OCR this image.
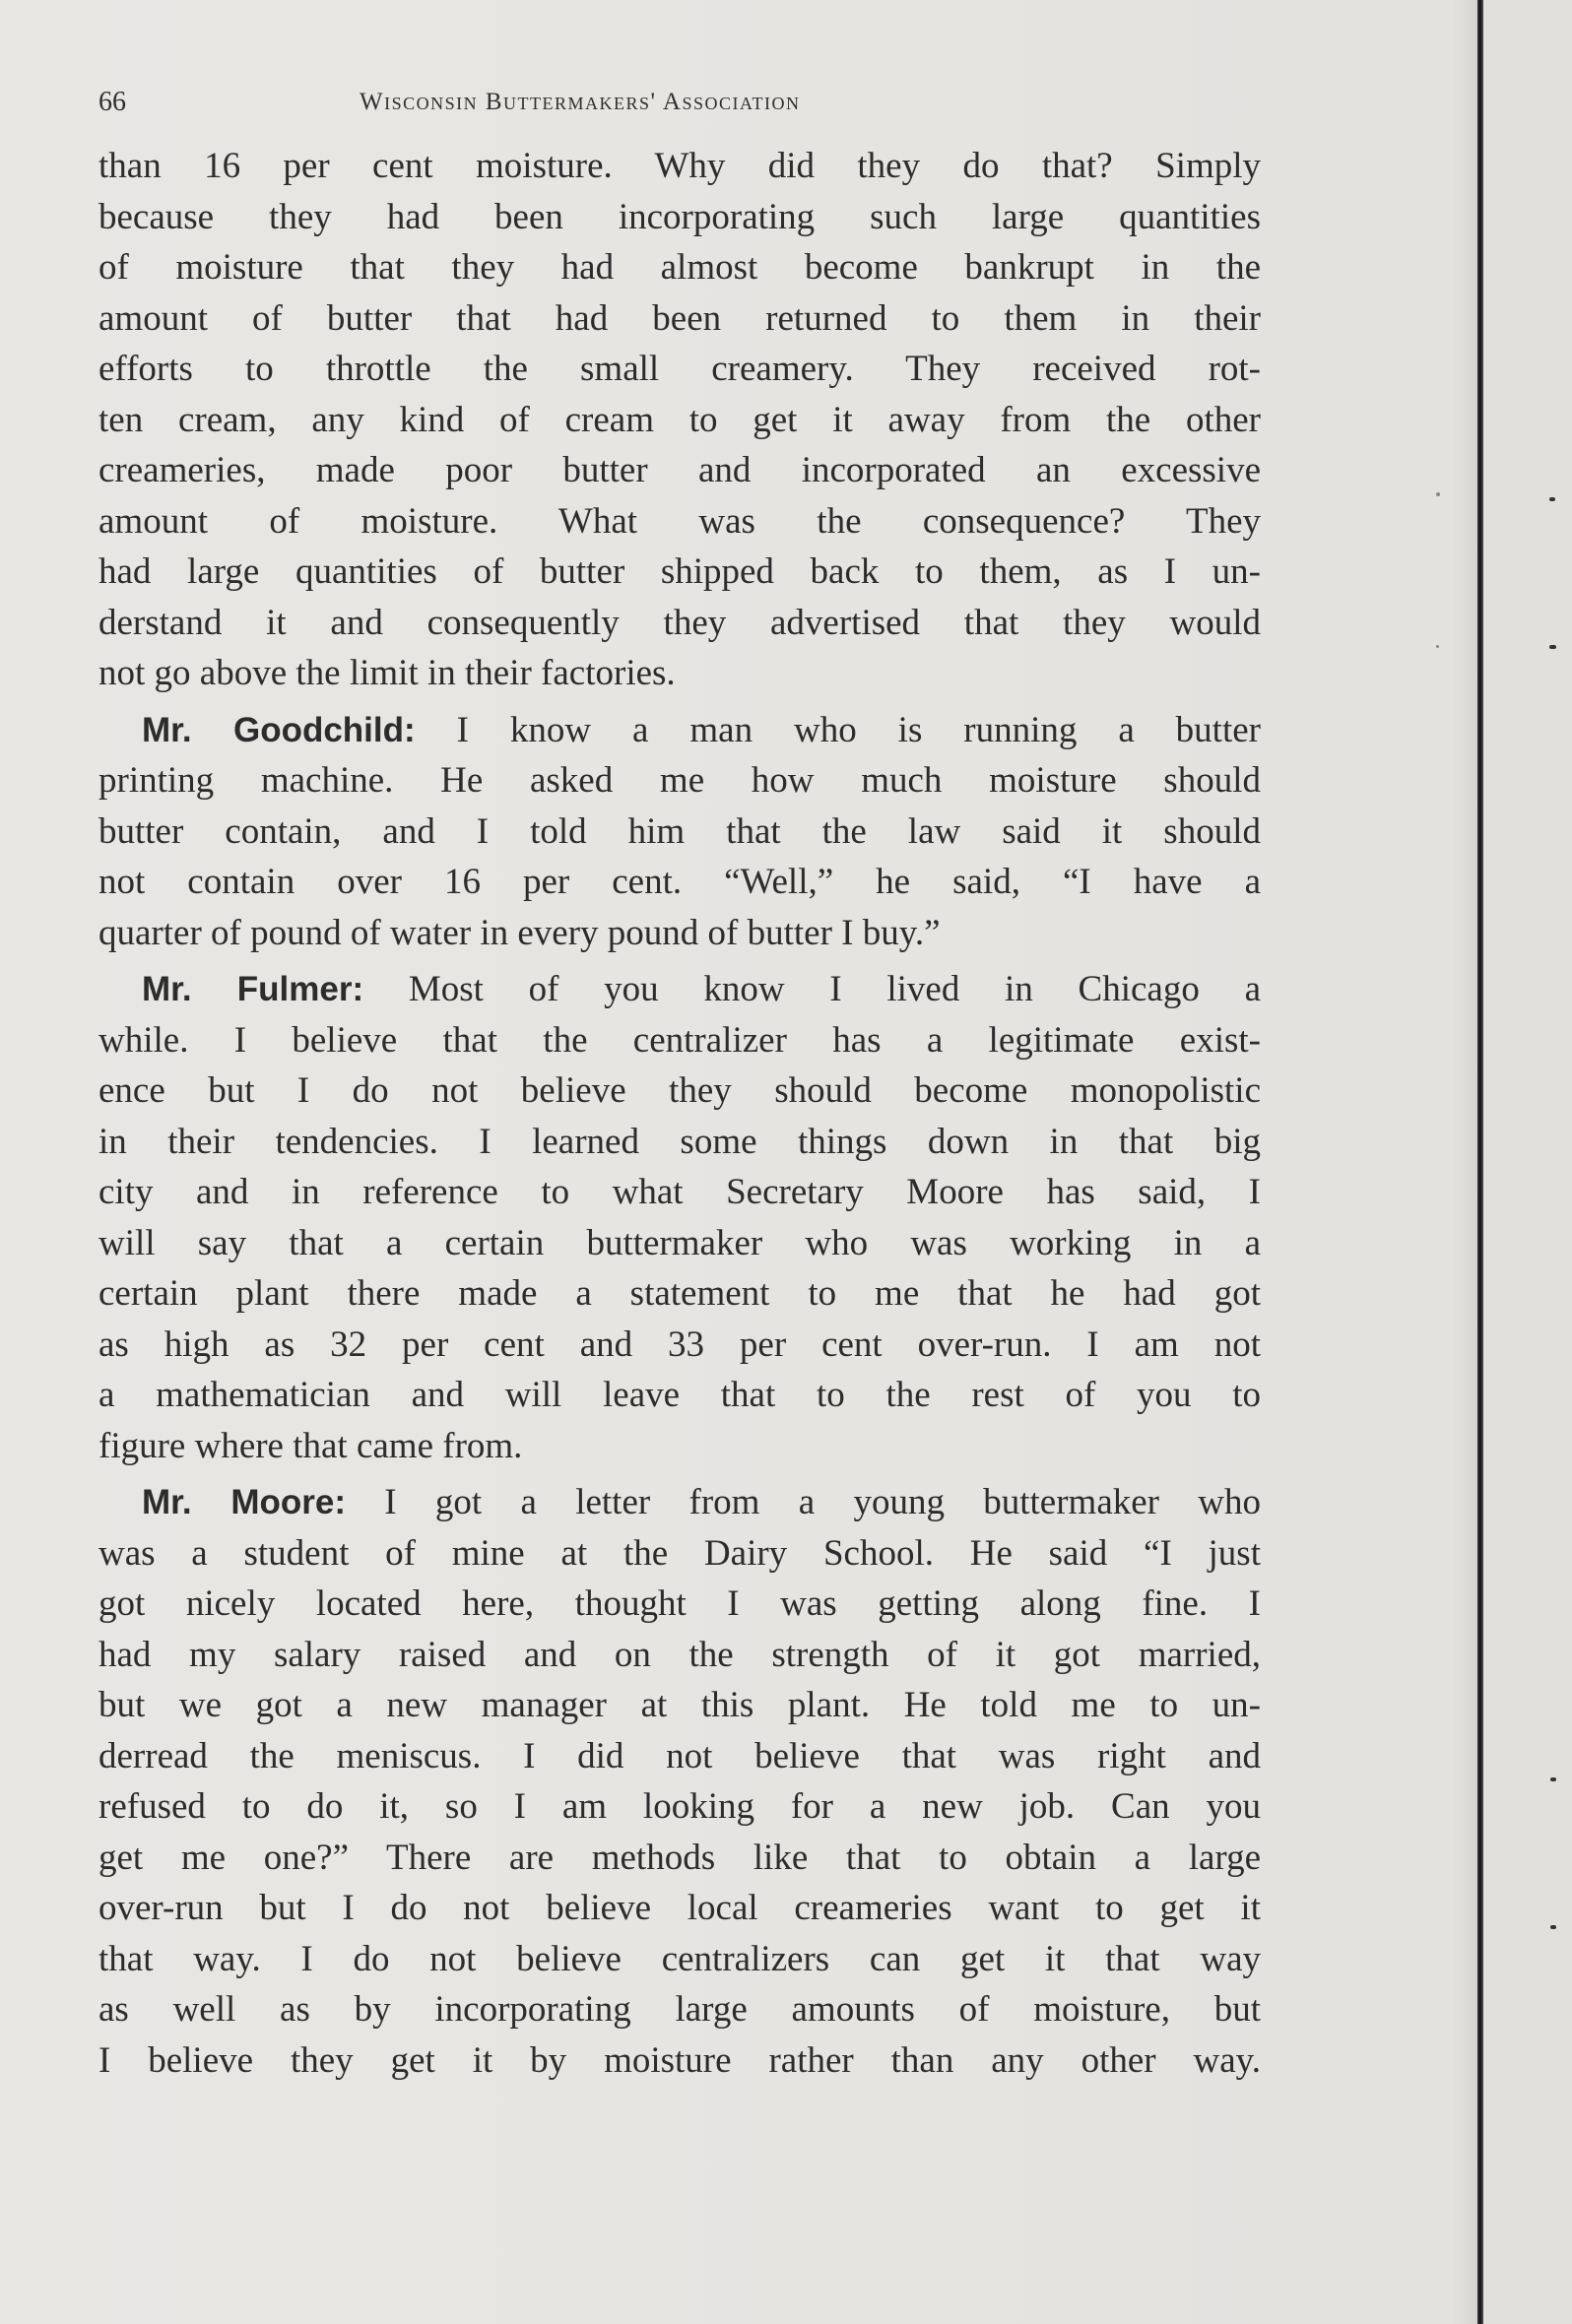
66	Wisconsin Buttermakers' Association
than 16 per cent moisture. Why did they do that? Simply
because they had been incorporating such large quantities
of moisture that they had almost become bankrupt in the
amount of butter that had been returned to them in their
efforts to throttle the small creamery. They received rot-
ten cream, any kind of cream to get it away from the other
creameries, made poor butter and incorporated an excessive
amount of moisture. What was the consequence? They
had large quantities of butter shipped back to them, as I un-
derstand it and consequently they advertised that they would
not go above the limit in their factories.
Mr. Goodchild: I know a man who is running a butter
printing machine. He asked me how much moisture should
butter contain, and I told him that the law said it should
not contain over 16 per cent. “Well,” he said, “I have a
quarter of pound of water in every pound of butter I buy.”
Mr. Fulmer: Most of you know I lived in Chicago a
while. I believe that the centralizer has a legitimate exist-
ence but I do not believe they should become monopolistic
in their tendencies. I learned some things down in that big
city and in reference to what Secretary Moore has said, I
will say that a certain buttermaker who was working in a
certain plant there made a statement to me that he had got
as high as 32 per cent and 33 per cent over-run. I am not
a mathematician and will leave that to the rest of you to
figure where that came from.
Mr. Moore: I got a letter from a young buttermaker who
was a student of mine at the Dairy School. He said “I just
got nicely located here, thought I was getting along fine. I
had my salary raised and on the strength of it got married,
but we got a new manager at this plant. He told me to un-
derread the meniscus. I did not believe that was right and
refused to do it, so I am looking for a new job. Can you
get me one?” There are methods like that to obtain a large
over-run but I do not believe local creameries want to get it
that way. I do not believe centralizers can get it that way
as well as by incorporating large amounts of moisture, but
I believe they get it by moisture rather than any other way.
